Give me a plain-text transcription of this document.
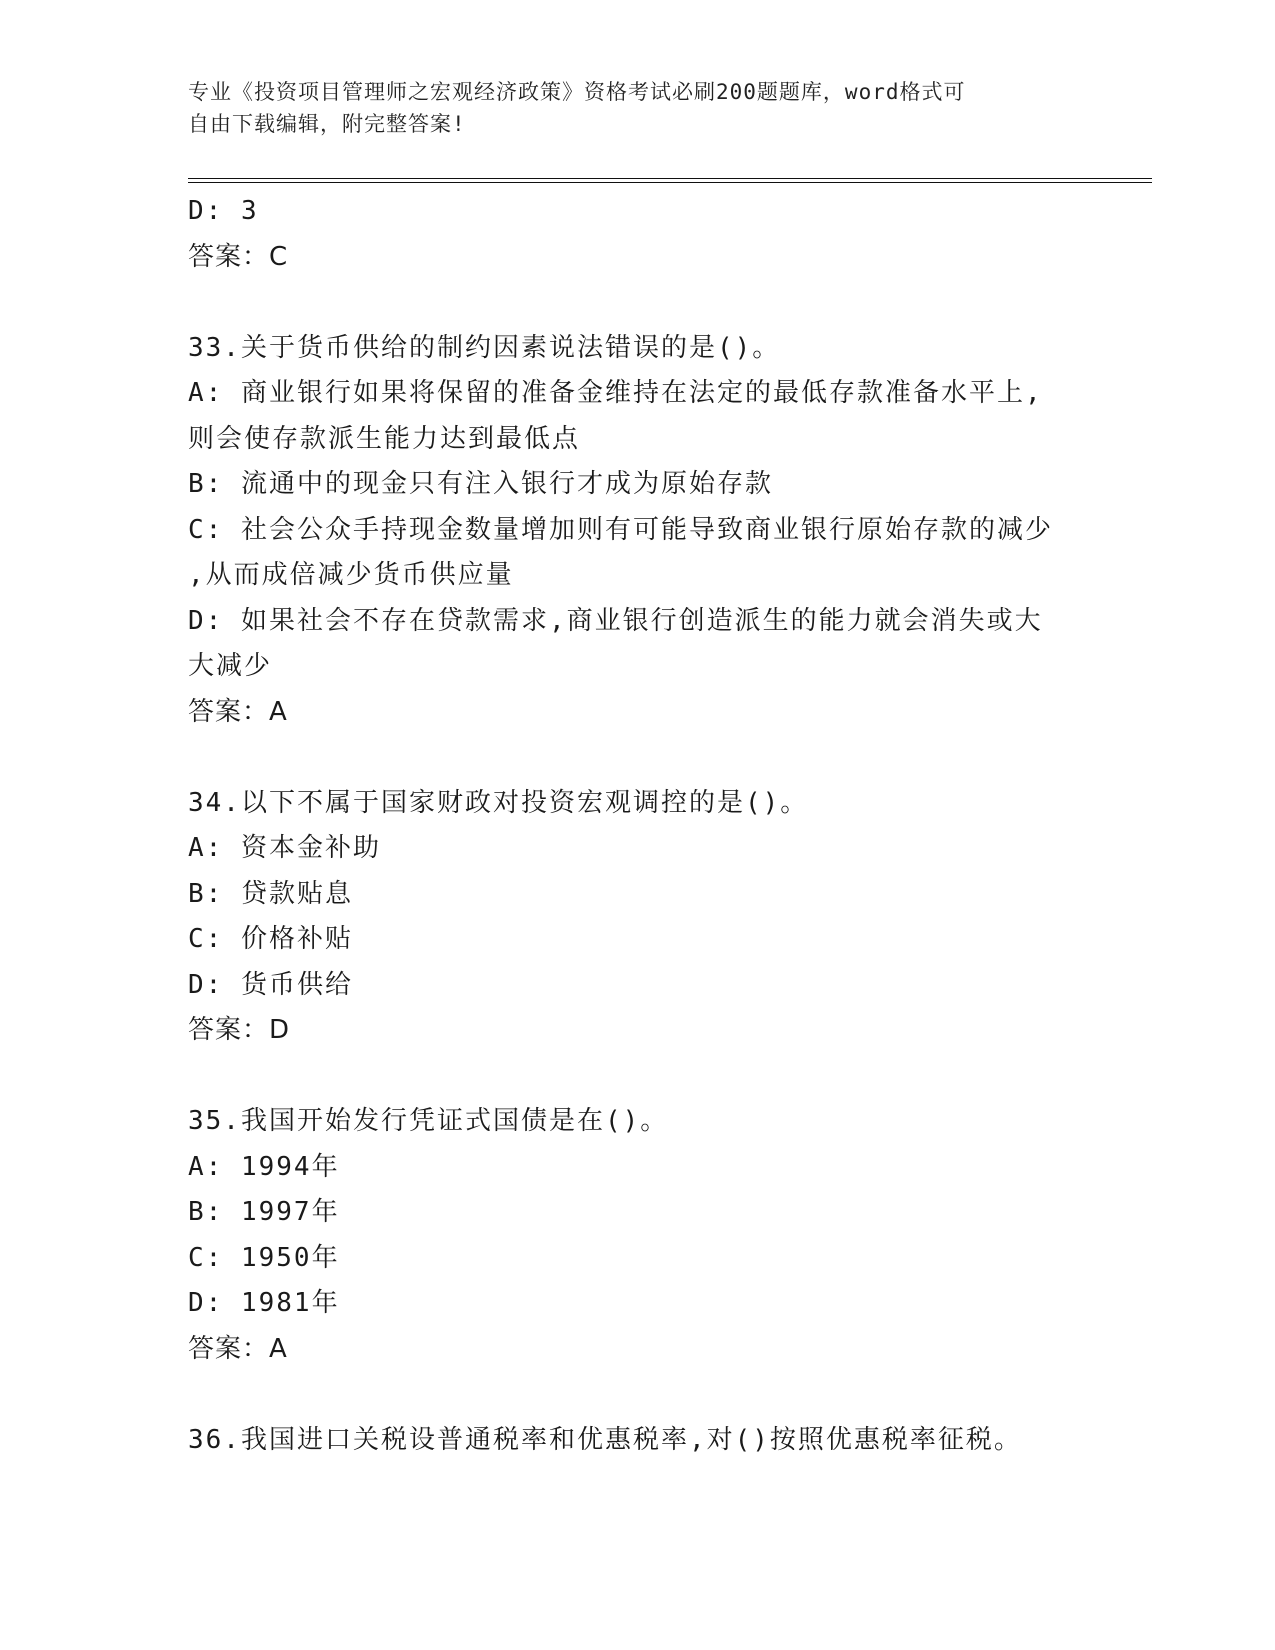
专业《投资项目管理师之宏观经济政策》资格考试必刷200题题库，word格式可
自由下载编辑，附完整答案!
D: 3
答案：C
33.关于货币供给的制约因素说法错误的是()。
A: 商业银行如果将保留的准备金维持在法定的最低存款准备水平上,
则会使存款派生能力达到最低点
B: 流通中的现金只有注入银行才成为原始存款
C: 社会公众手持现金数量增加则有可能导致商业银行原始存款的减少
,从而成倍减少货币供应量
D: 如果社会不存在贷款需求,商业银行创造派生的能力就会消失或大
大减少
答案：A
34.以下不属于国家财政对投资宏观调控的是()。
A: 资本金补助
B: 贷款贴息
C: 价格补贴
D: 货币供给
答案：D
35.我国开始发行凭证式国债是在()。
A: 1994年
B: 1997年
C: 1950年
D: 1981年
答案：A
36.我国进口关税设普通税率和优惠税率,对()按照优惠税率征税。
